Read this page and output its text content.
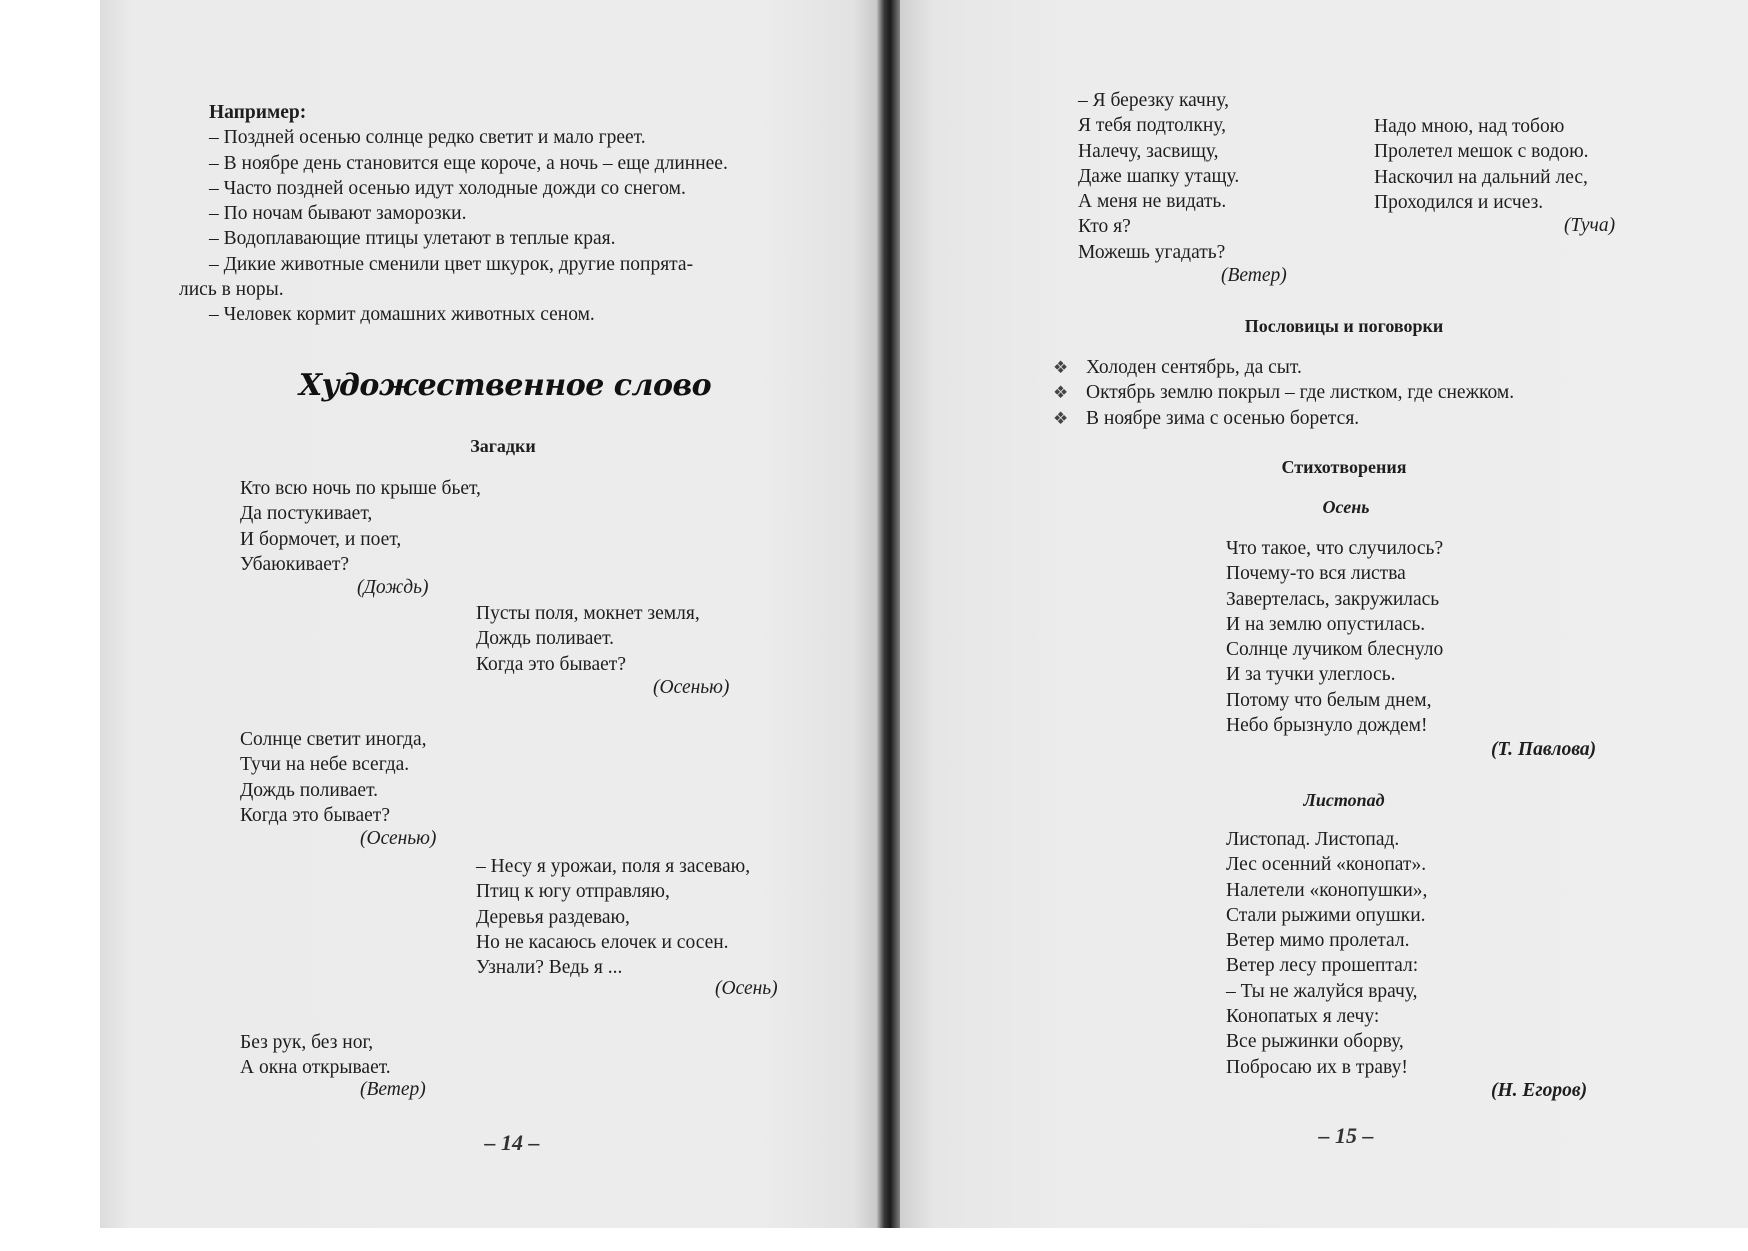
Например:
– Поздней осенью солнце редко светит и мало греет.
– В ноябре день становится еще короче, а ночь – еще длиннее.
– Часто поздней осенью идут холодные дожди со снегом.
– По ночам бывают заморозки.
– Водоплавающие птицы улетают в теплые края.
– Дикие животные сменили цвет шкурок, другие попрята-
лись в норы.
– Человек кормит домашних животных сеном.
Художественное слово
Загадки
Кто всю ночь по крыше бьет,
Да постукивает,
И бормочет, и поет,
Убаюкивает?
(Дождь)
Пусты поля, мокнет земля,
Дождь поливает.
Когда это бывает?
(Осенью)
Солнце светит иногда,
Тучи на небе всегда.
Дождь поливает.
Когда это бывает?
(Осенью)
– Несу я урожаи, поля я засеваю,
Птиц к югу отправляю,
Деревья раздеваю,
Но не касаюсь елочек и сосен.
Узнали? Ведь я ...
(Осень)
Без рук, без ног,
А окна открывает.
(Ветер)
– 14 –
– Я березку качну,
Я тебя подтолкну,
Налечу, засвищу,
Даже шапку утащу.
А меня не видать.
Кто я?
Можешь угадать?
(Ветер)
Надо мною, над тобою
Пролетел мешок с водою.
Наскочил на дальний лес,
Проходился и исчез.
(Туча)
Пословицы и поговорки
❖ Холоден сентябрь, да сыт.
❖ Октябрь землю покрыл – где листком, где снежком.
❖ В ноябре зима с осенью борется.
Стихотворения
Осень
Что такое, что случилось?
Почему-то вся листва
Завертелась, закружилась
И на землю опустилась.
Солнце лучиком блеснуло
И за тучки улеглось.
Потому что белым днем,
Небо брызнуло дождем!
(Т. Павлова)
Листопад
Листопад. Листопад.
Лес осенний «конопат».
Налетели «конопушки»,
Стали рыжими опушки.
Ветер мимо пролетал.
Ветер лесу прошептал:
– Ты не жалуйся врачу,
Конопатых я лечу:
Все рыжинки оборву,
Побросаю их в траву!
(Н. Егоров)
– 15 –
